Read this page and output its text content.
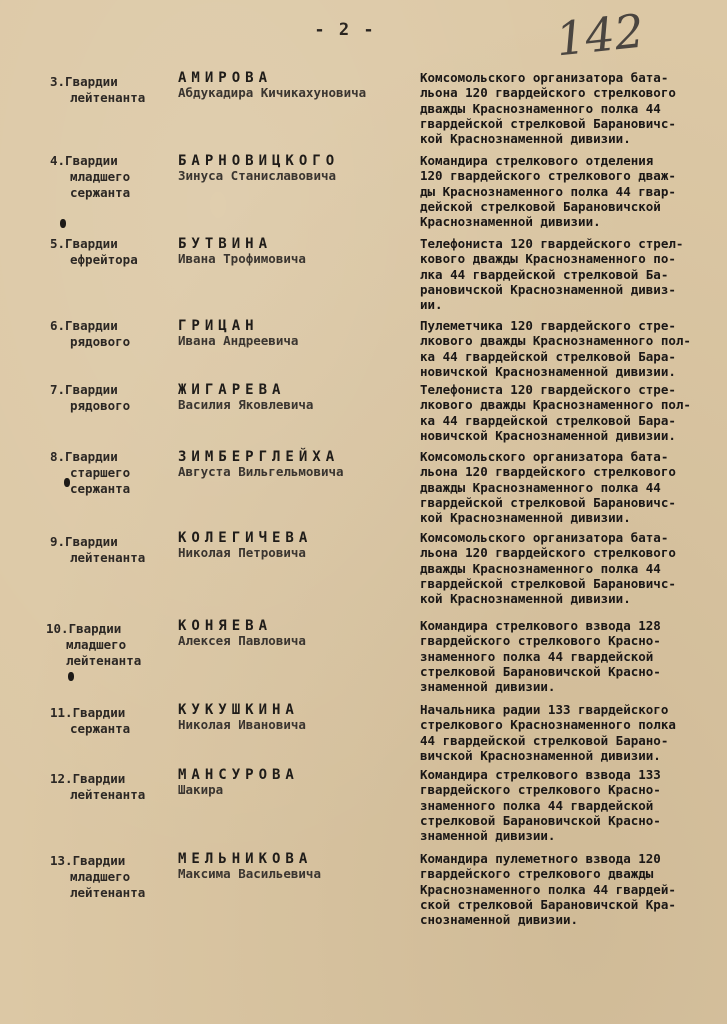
- 2 -	142
3.Гвардии
лейтенанта
АМИРОВА
Абдукадира Кичикахуновича
Комсомольского организатора бата-
льона 120 гвардейского стрелкового
дважды Краснознаменного полка 44
гвардейской стрелковой Барановичс-
кой Краснознаменной дивизии.
4.Гвардии
младшего
сержанта
БАРНОВИЦКОГО
Зинуса Станиславовича
Командира стрелкового отделения
120 гвардейского стрелкового дваж-
ды Краснознаменного полка 44 гвар-
дейской стрелковой Барановичской
Краснознаменной дивизии.
5.Гвардии
ефрейтора
БУТВИНА
Ивана Трофимовича
Телефониста 120 гвардейского стрел-
кового дважды Краснознаменного по-
лка 44 гвардейской стрелковой Ба-
рановичской Краснознаменной дивиз-
ии.
6.Гвардии
рядового
ГРИЦАН
Ивана Андреевича
Пулеметчика 120 гвардейского стре-
лкового дважды Краснознаменного пол-
ка 44 гвардейской стрелковой Бара-
новичской Краснознаменной дивизии.
7.Гвардии
рядового
ЖИГАРЕВА
Василия Яковлевича
Телефониста 120 гвардейского стре-
лкового дважды Краснознаменного пол-
ка 44 гвардейской стрелковой Бара-
новичской Краснознаменной дивизии.
8.Гвардии
старшего
сержанта
ЗИМБЕРГЛЕЙХА
Августа Вильгельмовича
Комсомольского организатора бата-
льона 120 гвардейского стрелкового
дважды Краснознаменного полка 44
гвардейской стрелковой Барановичс-
кой Краснознаменной дивизии.
9.Гвардии
лейтенанта
КОЛЕГИЧЕВА
Николая Петровича
Комсомольского организатора бата-
льона 120 гвардейского стрелкового
дважды Краснознаменного полка 44
гвардейской стрелковой Барановичс-
кой Краснознаменной дивизии.
10.Гвардии
младшего
лейтенанта
КОНЯЕВА
Алексея Павловича
Командира стрелкового взвода 128
гвардейского стрелкового Красно-
знаменного полка 44 гвардейской
стрелковой Барановичской Красно-
знаменной дивизии.
11.Гвардии
сержанта
КУКУШКИНА
Николая Ивановича
Начальника радии 133 гвардейского
стрелкового Краснознаменного полка
44 гвардейской стрелковой Барано-
вичской Краснознаменной дивизии.
12.Гвардии
лейтенанта
МАНСУРОВА
Шакира
Командира стрелкового взвода 133
гвардейского стрелкового Красно-
знаменного полка 44 гвардейской
стрелковой Барановичской Красно-
знаменной дивизии.
13.Гвардии
младшего
лейтенанта
МЕЛЬНИКОВА
Максима Васильевича
Командира пулеметного взвода 120
гвардейского стрелкового дважды
Краснознаменного полка 44 гвардей-
ской стрелковой Барановичской Кра-
снознаменной дивизии.
